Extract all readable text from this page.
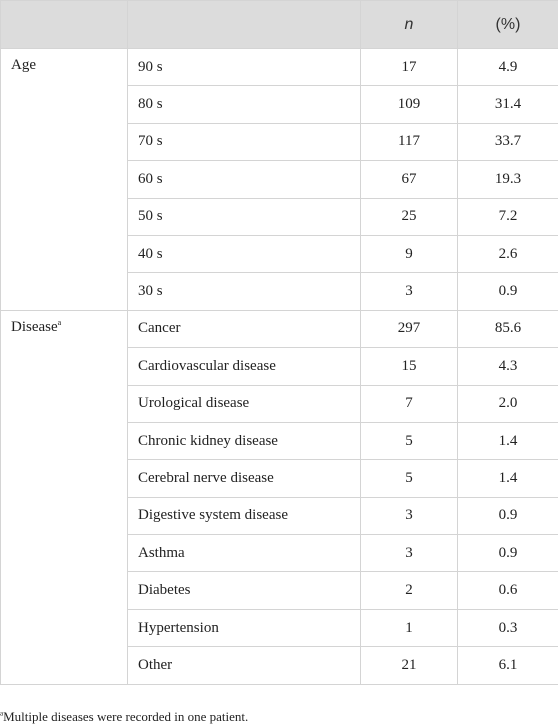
		n	(%)
Age	90 s	17	4.9
	80 s	109	31.4
	70 s	117	33.7
	60 s	67	19.3
	50 s	25	7.2
	40 s	9	2.6
	30 s	3	0.9
Disease$^a$	Cancer	297	85.6
	Cardiovascular disease	15	4.3
	Urological disease	7	2.0
	Chronic kidney disease	5	1.4
	Cerebral nerve disease	5	1.4
	Digestive system disease	3	0.9
	Asthma	3	0.9
	Diabetes	2	0.6
	Hypertension	1	0.3
	Other	21	6.1
$^a$Multiple diseases were recorded in one patient.
